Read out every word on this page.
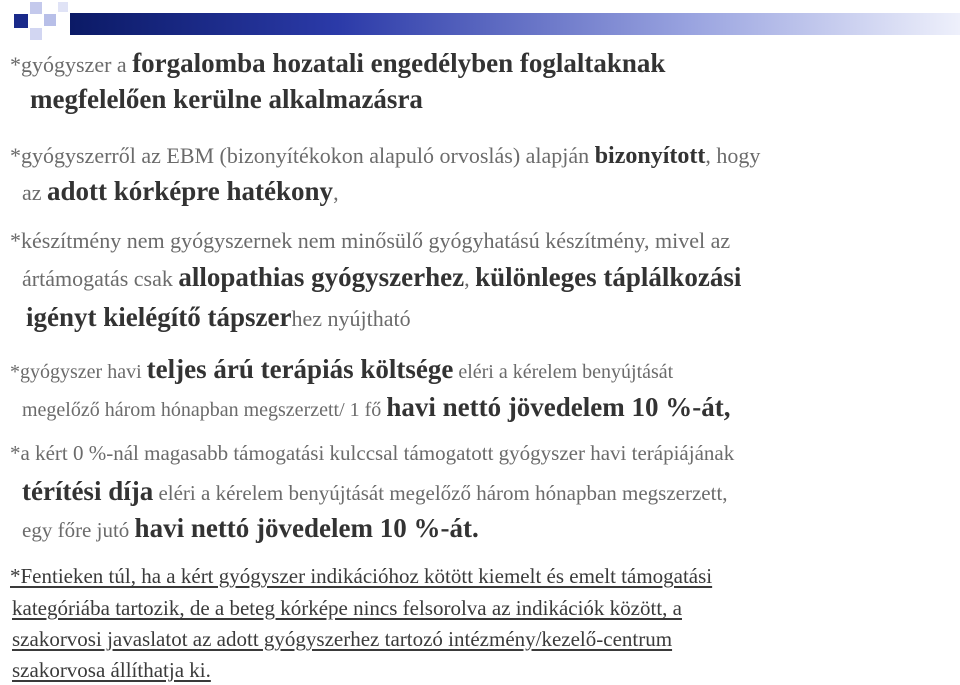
*gyógyszer a forgalomba hozatali engedélyben foglaltaknak
megfelelően kerülne alkalmazásra
*gyógyszerről az EBM (bizonyítékokon alapuló orvoslás) alapján bizonyított, hogy
az adott kórképre hatékony,
*készítmény nem gyógyszernek nem minősülő gyógyhatású készítmény, mivel az
ártámogatás csak allopathias gyógyszerhez, különleges táplálkozási
igényt kielégítő tápszerhez nyújtható
*gyógyszer havi teljes árú terápiás költsége eléri a kérelem benyújtását
megelőző három hónapban megszerzett/ 1 fő havi nettó jövedelem 10 %-át,
*a kért 0 %-nál magasabb támogatási kulccsal támogatott gyógyszer havi terápiájának
térítési díja eléri a kérelem benyújtását megelőző három hónapban megszerzett,
egy főre jutó havi nettó jövedelem 10 %-át.
*Fentieken túl, ha a kért gyógyszer indikációhoz kötött kiemelt és emelt támogatási
kategóriába tartozik, de a beteg kórképe nincs felsorolva az indikációk között, a
szakorvosi javaslatot az adott gyógyszerhez tartozó intézmény/kezelő-centrum
szakorvosa állíthatja ki.
